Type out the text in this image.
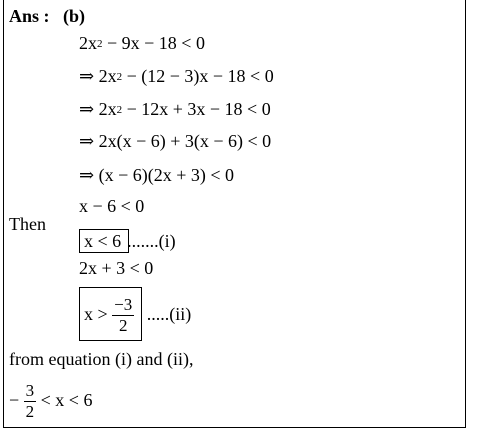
Ans : (b)
$2x^2 - 9x - 18 < 0$
⇒ $2x^2 - (12 - 3)x - 18 < 0$
⇒ $2x^2 - 12x + 3x - 18 < 0$
⇒ 2x(x − 6) + 3(x − 6) < 0
⇒ (x − 6)(2x + 3) < 0
x − 6 < 0
Then
x < 6 .......(i)
2x + 3 < 0
$x > \frac{-3}{2} .....(ii)$
from equation (i) and (ii),
− $\frac{3}{2} < x < 6$
